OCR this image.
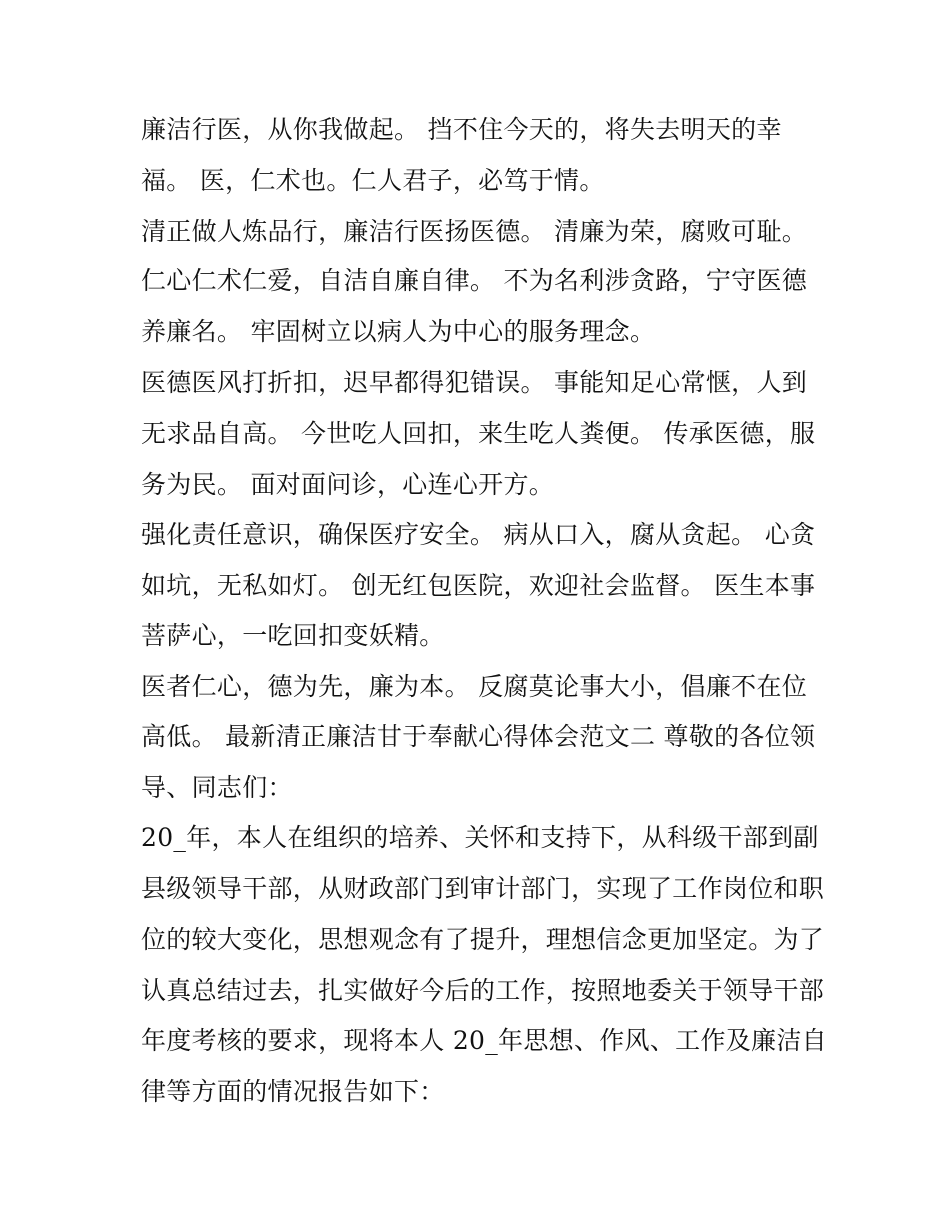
廉洁行医，从你我做起。 挡不住今天的，将失去明天的幸
福。 医，仁术也。仁人君子，必笃于情。
清正做人炼品行，廉洁行医扬医德。 清廉为荣，腐败可耻。
仁心仁术仁爱，自洁自廉自律。 不为名利涉贪路，宁守医德
养廉名。 牢固树立以病人为中心的服务理念。
医德医风打折扣，迟早都得犯错误。 事能知足心常惬，人到
无求品自高。 今世吃人回扣，来生吃人粪便。 传承医德，服
务为民。 面对面问诊，心连心开方。
强化责任意识，确保医疗安全。 病从口入，腐从贪起。 心贪
如坑，无私如灯。 创无红包医院，欢迎社会监督。 医生本事
菩萨心，一吃回扣变妖精。
医者仁心，德为先，廉为本。 反腐莫论事大小，倡廉不在位
高低。 最新清正廉洁甘于奉献心得体会范文二 尊敬的各位领
导、同志们：
20_年，本人在组织的培养、关怀和支持下，从科级干部到副
县级领导干部，从财政部门到审计部门，实现了工作岗位和职
位的较大变化，思想观念有了提升，理想信念更加坚定。为了
认真总结过去，扎实做好今后的工作，按照地委关于领导干部
年度考核的要求，现将本人 20_年思想、作风、工作及廉洁自
律等方面的情况报告如下：
